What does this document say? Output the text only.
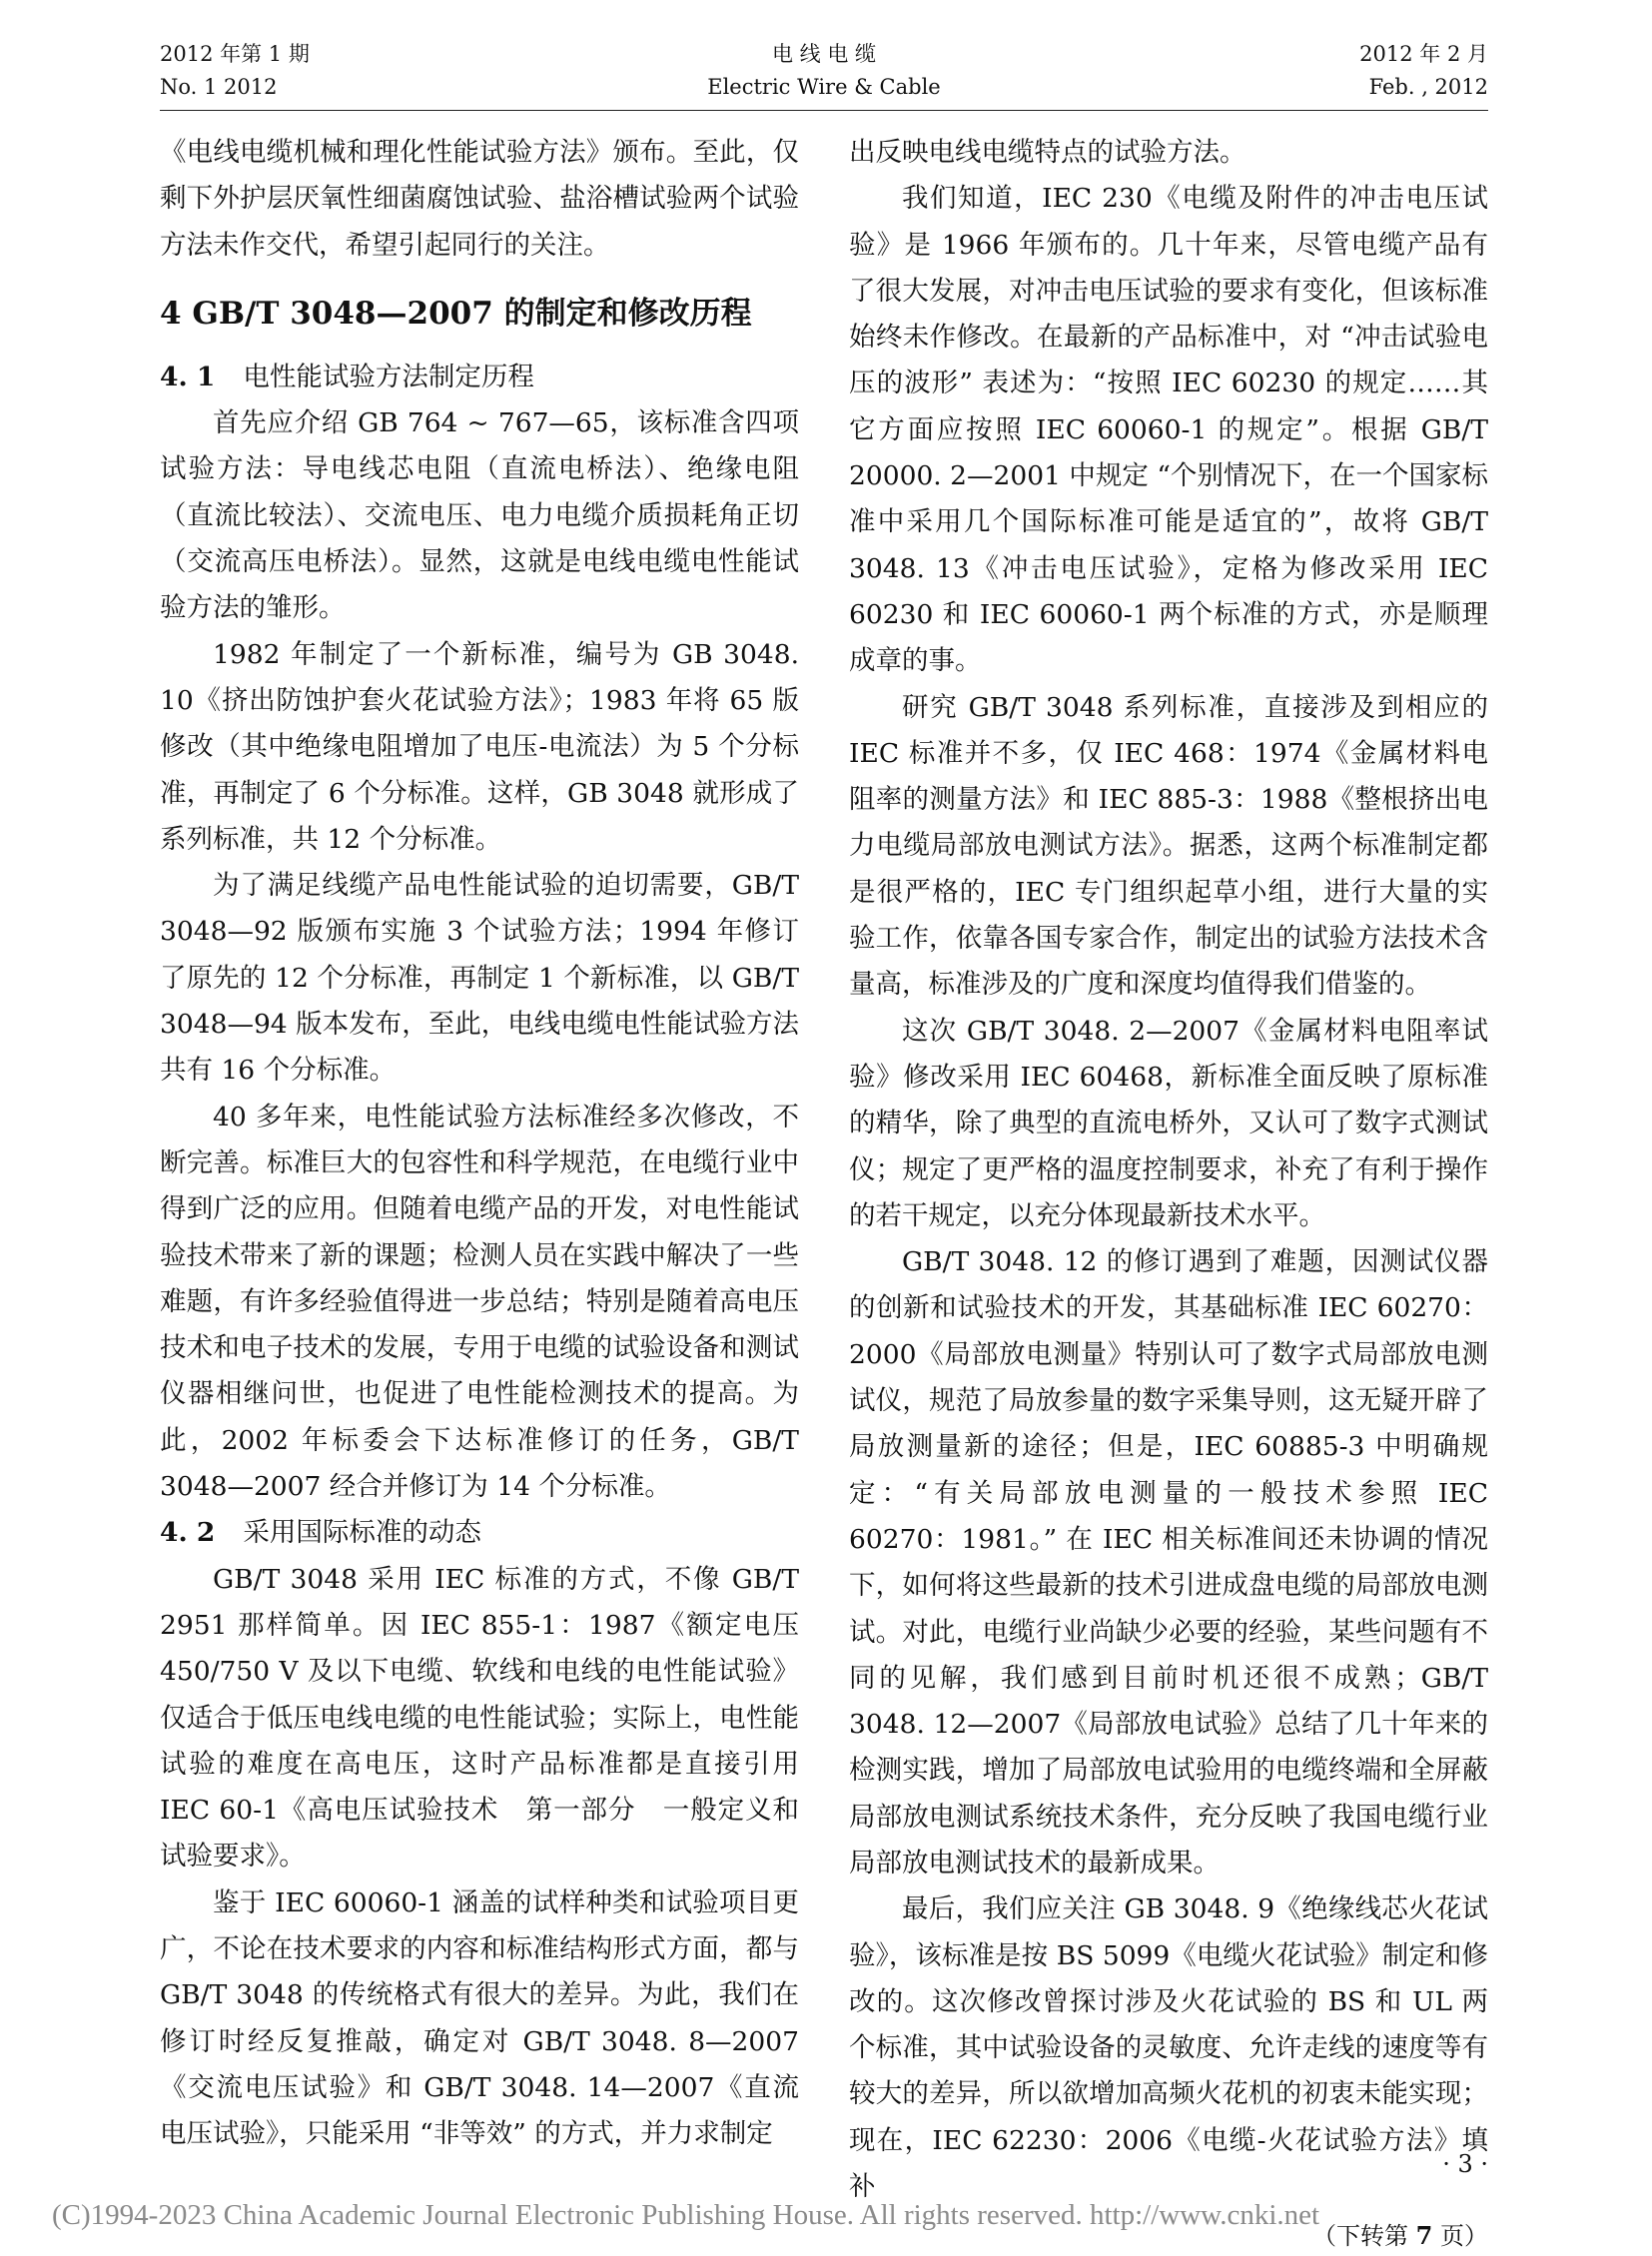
2012 年第 1 期
No. 1 2012
电 线 电 缆
Electric Wire & Cable
2012 年 2 月
Feb. , 2012

《电线电缆机械和理化性能试验方法》颁布。至此，仅剩下外护层厌氧性细菌腐蚀试验、盐浴槽试验两个试验方法未作交代，希望引起同行的关注。

4 GB/T 3048—2007 的制定和修改历程
4. 1 电性能试验方法制定历程

首先应介绍 GB 764 ~ 767—65，该标准含四项试验方法：导电线芯电阻（直流电桥法）、绝缘电阻（直流比较法）、交流电压、电力电缆介质损耗角正切（交流高压电桥法）。显然，这就是电线电缆电性能试验方法的雏形。

1982 年制定了一个新标准，编号为 GB 3048. 10《挤出防蚀护套火花试验方法》；1983 年将 65 版修改（其中绝缘电阻增加了电压-电流法）为 5 个分标准，再制定了 6 个分标准。这样，GB 3048 就形成了系列标准，共 12 个分标准。

为了满足线缆产品电性能试验的迫切需要，GB/T 3048—92 版颁布实施 3 个试验方法；1994 年修订了原先的 12 个分标准，再制定 1 个新标准，以 GB/T 3048—94 版本发布，至此，电线电缆电性能试验方法共有 16 个分标准。

40 多年来，电性能试验方法标准经多次修改，不断完善。标准巨大的包容性和科学规范，在电缆行业中得到广泛的应用。但随着电缆产品的开发，对电性能试验技术带来了新的课题；检测人员在实践中解决了一些难题，有许多经验值得进一步总结；特别是随着高电压技术和电子技术的发展，专用于电缆的试验设备和测试仪器相继问世，也促进了电性能检测技术的提高。为此，2002 年标委会下达标准修订的任务，GB/T 3048—2007 经合并修订为 14 个分标准。

4. 2 采用国际标准的动态

GB/T 3048 采用 IEC 标准的方式，不像 GB/T 2951 那样简单。因 IEC 855-1：1987《额定电压 450/750 V 及以下电缆、软线和电线的电性能试验》仅适合于低压电线电缆的电性能试验；实际上，电性能试验的难度在高电压，这时产品标准都是直接引用 IEC 60-1《高电压试验技术　第一部分　一般定义和试验要求》。

鉴于 IEC 60060-1 涵盖的试样种类和试验项目更广，不论在技术要求的内容和标准结构形式方面，都与 GB/T 3048 的传统格式有很大的差异。为此，我们在修订时经反复推敲，确定对 GB/T 3048. 8—2007《交流电压试验》和 GB/T 3048. 14—2007《直流电压试验》，只能采用 “非等效” 的方式，并力求制定

出反映电线电缆特点的试验方法。

我们知道，IEC 230《电缆及附件的冲击电压试验》是 1966 年颁布的。几十年来，尽管电缆产品有了很大发展，对冲击电压试验的要求有变化，但该标准始终未作修改。在最新的产品标准中，对 “冲击试验电压的波形” 表述为：“按照 IEC 60230 的规定……其它方面应按照 IEC 60060-1 的规定”。根据 GB/T 20000. 2—2001 中规定 “个别情况下，在一个国家标准中采用几个国际标准可能是适宜的”，故将 GB/T 3048. 13《冲击电压试验》，定格为修改采用 IEC 60230 和 IEC 60060-1 两个标准的方式，亦是顺理成章的事。

研究 GB/T 3048 系列标准，直接涉及到相应的 IEC 标准并不多，仅 IEC 468：1974《金属材料电阻率的测量方法》和 IEC 885-3：1988《整根挤出电力电缆局部放电测试方法》。据悉，这两个标准制定都是很严格的，IEC 专门组织起草小组，进行大量的实验工作，依靠各国专家合作，制定出的试验方法技术含量高，标准涉及的广度和深度均值得我们借鉴的。

这次 GB/T 3048. 2—2007《金属材料电阻率试验》修改采用 IEC 60468，新标准全面反映了原标准的精华，除了典型的直流电桥外，又认可了数字式测试仪；规定了更严格的温度控制要求，补充了有利于操作的若干规定，以充分体现最新技术水平。

GB/T 3048. 12 的修订遇到了难题，因测试仪器的创新和试验技术的开发，其基础标准 IEC 60270：2000《局部放电测量》特别认可了数字式局部放电测试仪，规范了局放参量的数字采集导则，这无疑开辟了局放测量新的途径；但是，IEC 60885-3 中明确规定：“有关局部放电测量的一般技术参照 IEC 60270：1981。” 在 IEC 相关标准间还未协调的情况下，如何将这些最新的技术引进成盘电缆的局部放电测试。对此，电缆行业尚缺少必要的经验，某些问题有不同的见解，我们感到目前时机还很不成熟；GB/T 3048. 12—2007《局部放电试验》总结了几十年来的检测实践，增加了局部放电试验用的电缆终端和全屏蔽局部放电测试系统技术条件，充分反映了我国电缆行业局部放电测试技术的最新成果。

最后，我们应关注 GB 3048. 9《绝缘线芯火花试验》，该标准是按 BS 5099《电缆火花试验》制定和修改的。这次修改曾探讨涉及火花试验的 BS 和 UL 两个标准，其中试验设备的灵敏度、允许走线的速度等有较大的差异，所以欲增加高频火花机的初衷未能实现；现在，IEC 62230：2006《电缆-火花试验方法》填补

（下转第 7 页）
· 3 ·
(C)1994-2023 China Academic Journal Electronic Publishing House. All rights reserved. http://www.cnki.net
